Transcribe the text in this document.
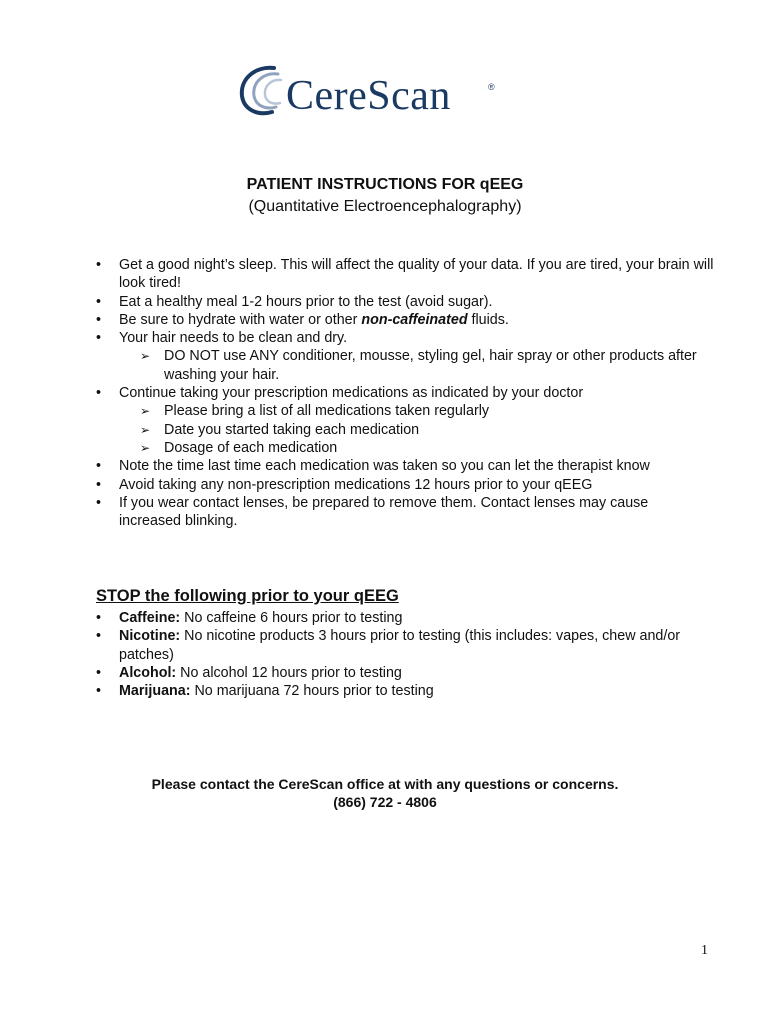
CereScan	®
PATIENT INSTRUCTIONS FOR qEEG
(Quantitative Electroencephalography)
• Get a good night’s sleep. This will affect the quality of your data. If you are tired, your brain will look tired!
• Eat a healthy meal 1-2 hours prior to the test (avoid sugar).
• Be sure to hydrate with water or other non-caffeinated fluids.
• Your hair needs to be clean and dry.
➢ DO NOT use ANY conditioner, mousse, styling gel, hair spray or other products after washing your hair.
• Continue taking your prescription medications as indicated by your doctor
➢ Please bring a list of all medications taken regularly
➢ Date you started taking each medication
➢ Dosage of each medication
• Note the time last time each medication was taken so you can let the therapist know
• Avoid taking any non-prescription medications 12 hours prior to your qEEG
• If you wear contact lenses, be prepared to remove them. Contact lenses may cause increased blinking.
STOP the following prior to your qEEG
• Caffeine: No caffeine 6 hours prior to testing
• Nicotine: No nicotine products 3 hours prior to testing (this includes: vapes, chew and/or patches)
• Alcohol: No alcohol 12 hours prior to testing
• Marijuana: No marijuana 72 hours prior to testing
Please contact the CereScan office at with any questions or concerns.
(866) 722 - 4806
1
